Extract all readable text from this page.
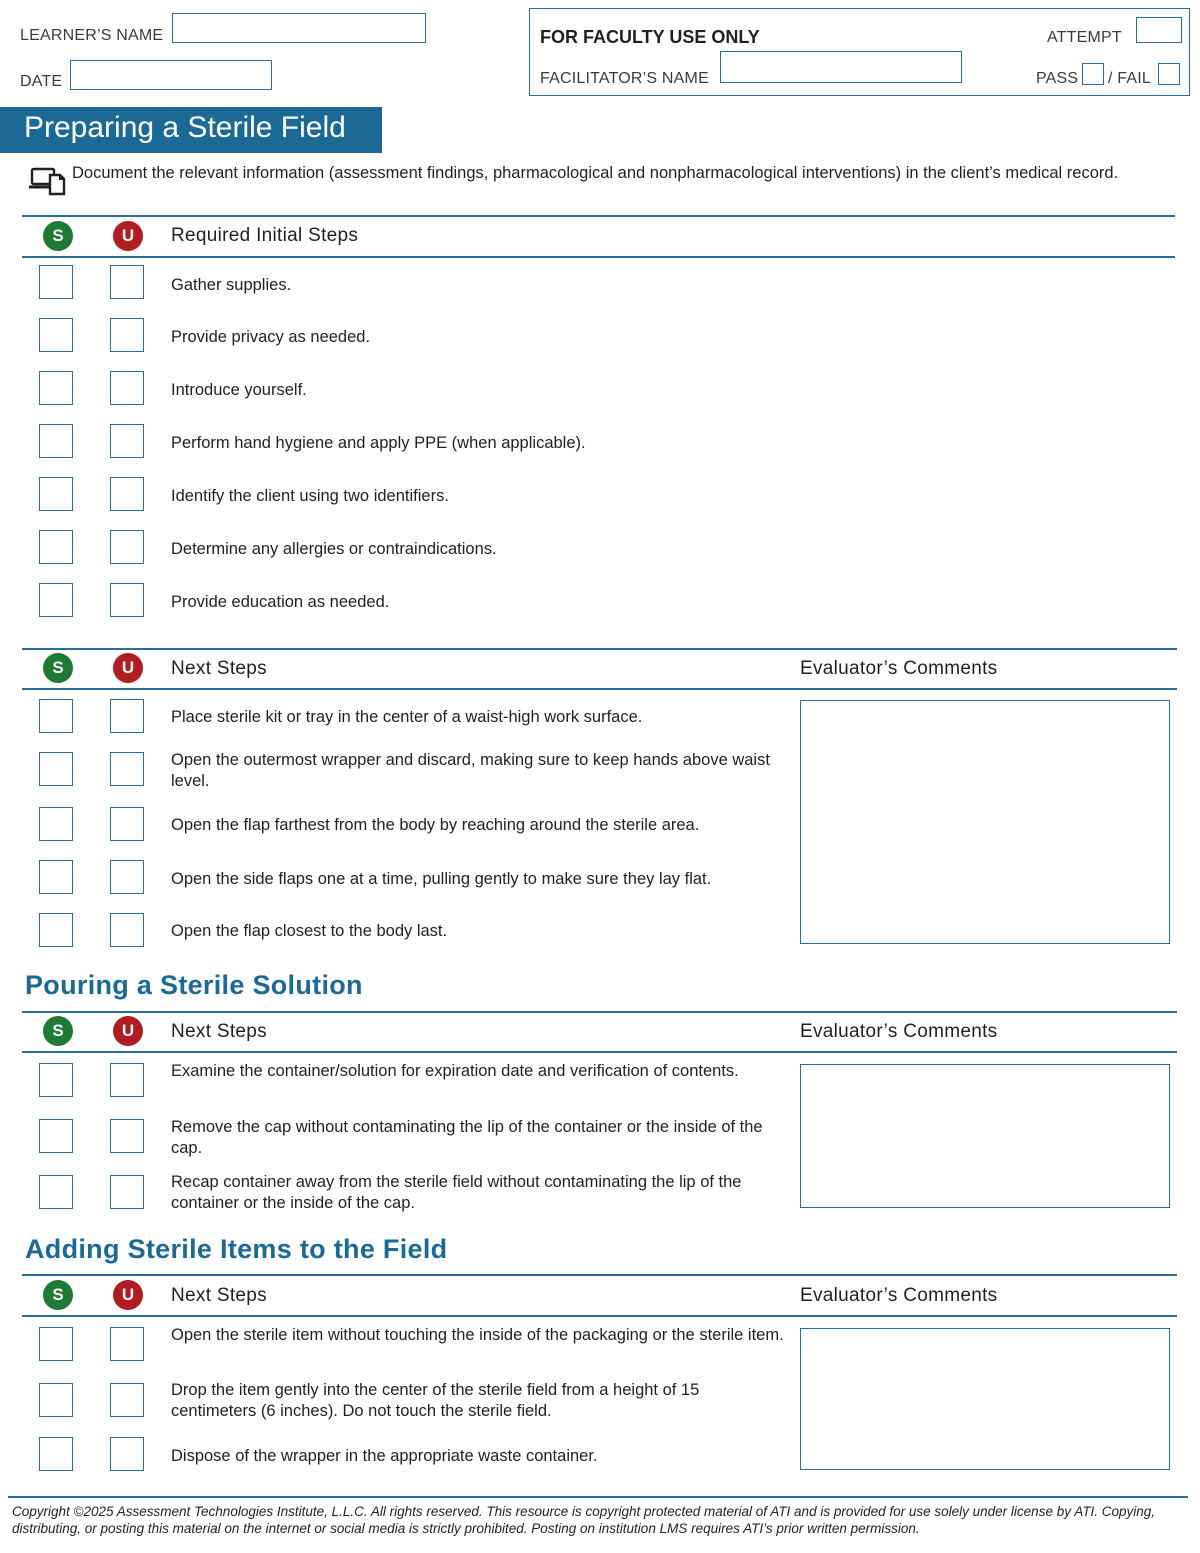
LEARNER’S NAME
DATE
FOR FACULTY USE ONLY
FACILITATOR’S NAME
ATTEMPT
PASS / FAIL
Preparing a Sterile Field
Document the relevant information (assessment findings, pharmacological and nonpharmacological interventions) in the client’s medical record.
S	U	Required Initial Steps
Gather supplies.
Provide privacy as needed.
Introduce yourself.
Perform hand hygiene and apply PPE (when applicable).
Identify the client using two identifiers.
Determine any allergies or contraindications.
Provide education as needed.
S	U	Next Steps	Evaluator’s Comments
Place sterile kit or tray in the center of a waist-high work surface.
Open the outermost wrapper and discard, making sure to keep hands above waist level.
Open the flap farthest from the body by reaching around the sterile area.
Open the side flaps one at a time, pulling gently to make sure they lay flat.
Open the flap closest to the body last.
Pouring a Sterile Solution
S	U	Next Steps	Evaluator’s Comments
Examine the container/solution for expiration date and verification of contents.
Remove the cap without contaminating the lip of the container or the inside of the cap.
Recap container away from the sterile field without contaminating the lip of the container or the inside of the cap.
Adding Sterile Items to the Field
S	U	Next Steps	Evaluator’s Comments
Open the sterile item without touching the inside of the packaging or the sterile item.
Drop the item gently into the center of the sterile field from a height of 15 centimeters (6 inches). Do not touch the sterile field.
Dispose of the wrapper in the appropriate waste container.
Copyright ©2025 Assessment Technologies Institute, L.L.C. All rights reserved. This resource is copyright protected material of ATI and is provided for use solely under license by ATI. Copying, distributing, or posting this material on the internet or social media is strictly prohibited. Posting on institution LMS requires ATI’s prior written permission.
